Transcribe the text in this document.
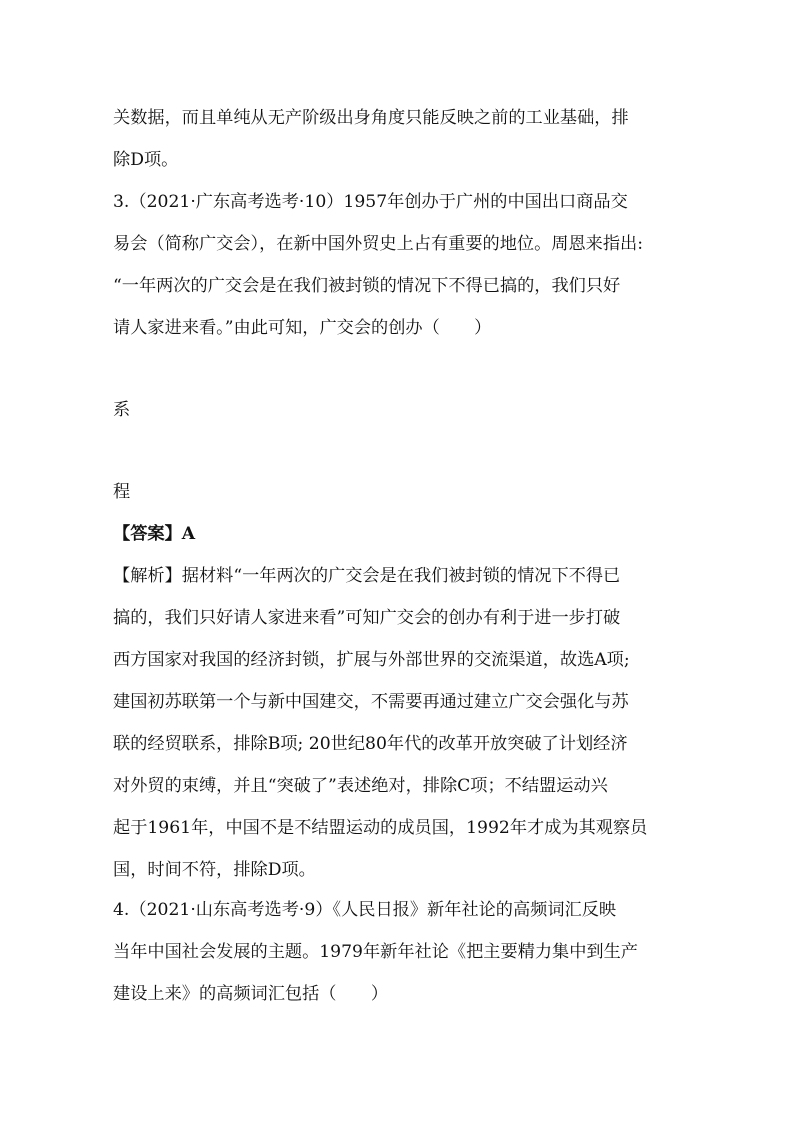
关数据，而且单纯从无产阶级出身角度只能反映之前的工业基础，排
除D项。
3.（2021·广东高考选考·10）1957年创办于广州的中国出口商品交
易会（简称广交会），在新中国外贸史上占有重要的地位。周恩来指出:
“一年两次的广交会是在我们被封锁的情况下不得已搞的，我们只好
请人家进来看。”由此可知，广交会的创办（　　）
系
程
【答案】A
【解析】据材料“一年两次的广交会是在我们被封锁的情况下不得已
搞的，我们只好请人家进来看”可知广交会的创办有利于进一步打破
西方国家对我国的经济封锁，扩展与外部世界的交流渠道，故选A项;
建国初苏联第一个与新中国建交，不需要再通过建立广交会强化与苏
联的经贸联系，排除B项; 20世纪80年代的改革开放突破了计划经济
对外贸的束缚，并且“突破了”表述绝对，排除C项；不结盟运动兴
起于1961年，中国不是不结盟运动的成员国，1992年才成为其观察员
国，时间不符，排除D项。
4.（2021·山东高考选考·9）《人民日报》新年社论的高频词汇反映
当年中国社会发展的主题。1979年新年社论《把主要精力集中到生产
建设上来》的高频词汇包括（　　）
